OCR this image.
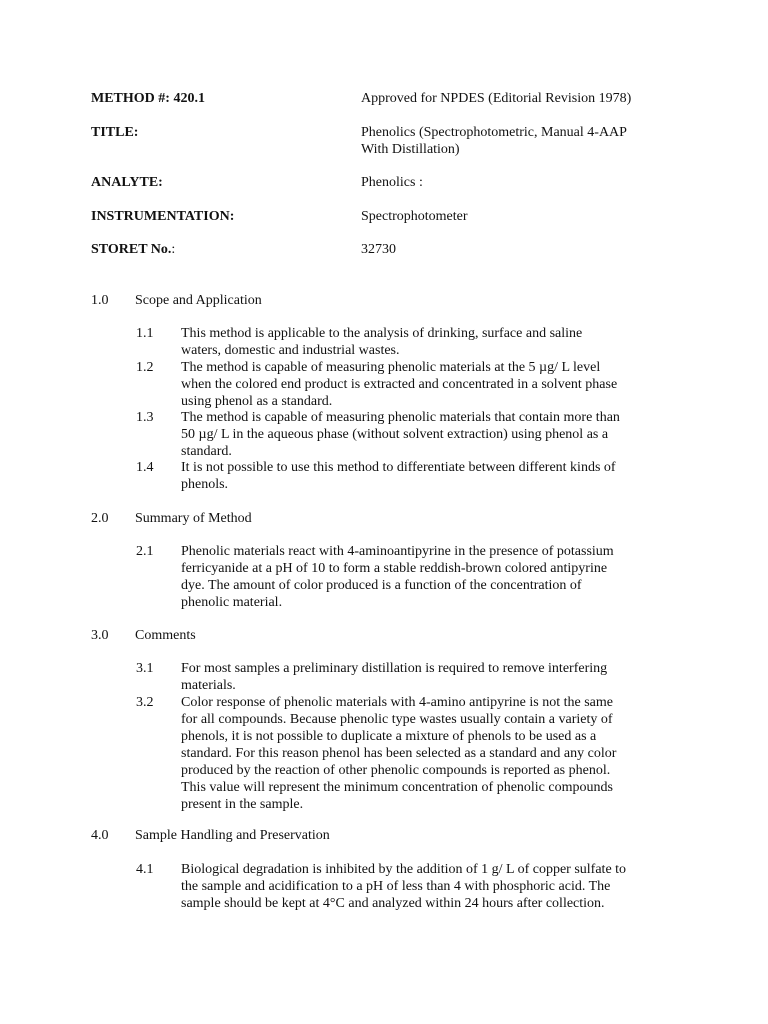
METHOD #: 420.1	Approved for NPDES (Editorial Revision 1978)
TITLE:	Phenolics (Spectrophotometric, Manual 4-AAP
With Distillation)
ANALYTE:	Phenolics :
INSTRUMENTATION:	Spectrophotometer
STORET No.:	32730
1.0 Scope and Application
1.1 This method is applicable to the analysis of drinking, surface and saline
waters, domestic and industrial wastes.
1.2 The method is capable of measuring phenolic materials at the 5 µg/ L level
when the colored end product is extracted and concentrated in a solvent phase
using phenol as a standard.
1.3 The method is capable of measuring phenolic materials that contain more than
50 µg/ L in the aqueous phase (without solvent extraction) using phenol as a
standard.
1.4 It is not possible to use this method to differentiate between different kinds of
phenols.
2.0 Summary of Method
2.1 Phenolic materials react with 4-aminoantipyrine in the presence of potassium
ferricyanide at a pH of 10 to form a stable reddish-brown colored antipyrine
dye. The amount of color produced is a function of the concentration of
phenolic material.
3.0 Comments
3.1 For most samples a preliminary distillation is required to remove interfering
materials.
3.2 Color response of phenolic materials with 4-amino antipyrine is not the same
for all compounds. Because phenolic type wastes usually contain a variety of
phenols, it is not possible to duplicate a mixture of phenols to be used as a
standard. For this reason phenol has been selected as a standard and any color
produced by the reaction of other phenolic compounds is reported as phenol.
This value will represent the minimum concentration of phenolic compounds
present in the sample.
4.0 Sample Handling and Preservation
4.1 Biological degradation is inhibited by the addition of 1 g/ L of copper sulfate to
the sample and acidification to a pH of less than 4 with phosphoric acid. The
sample should be kept at 4°C and analyzed within 24 hours after collection.
